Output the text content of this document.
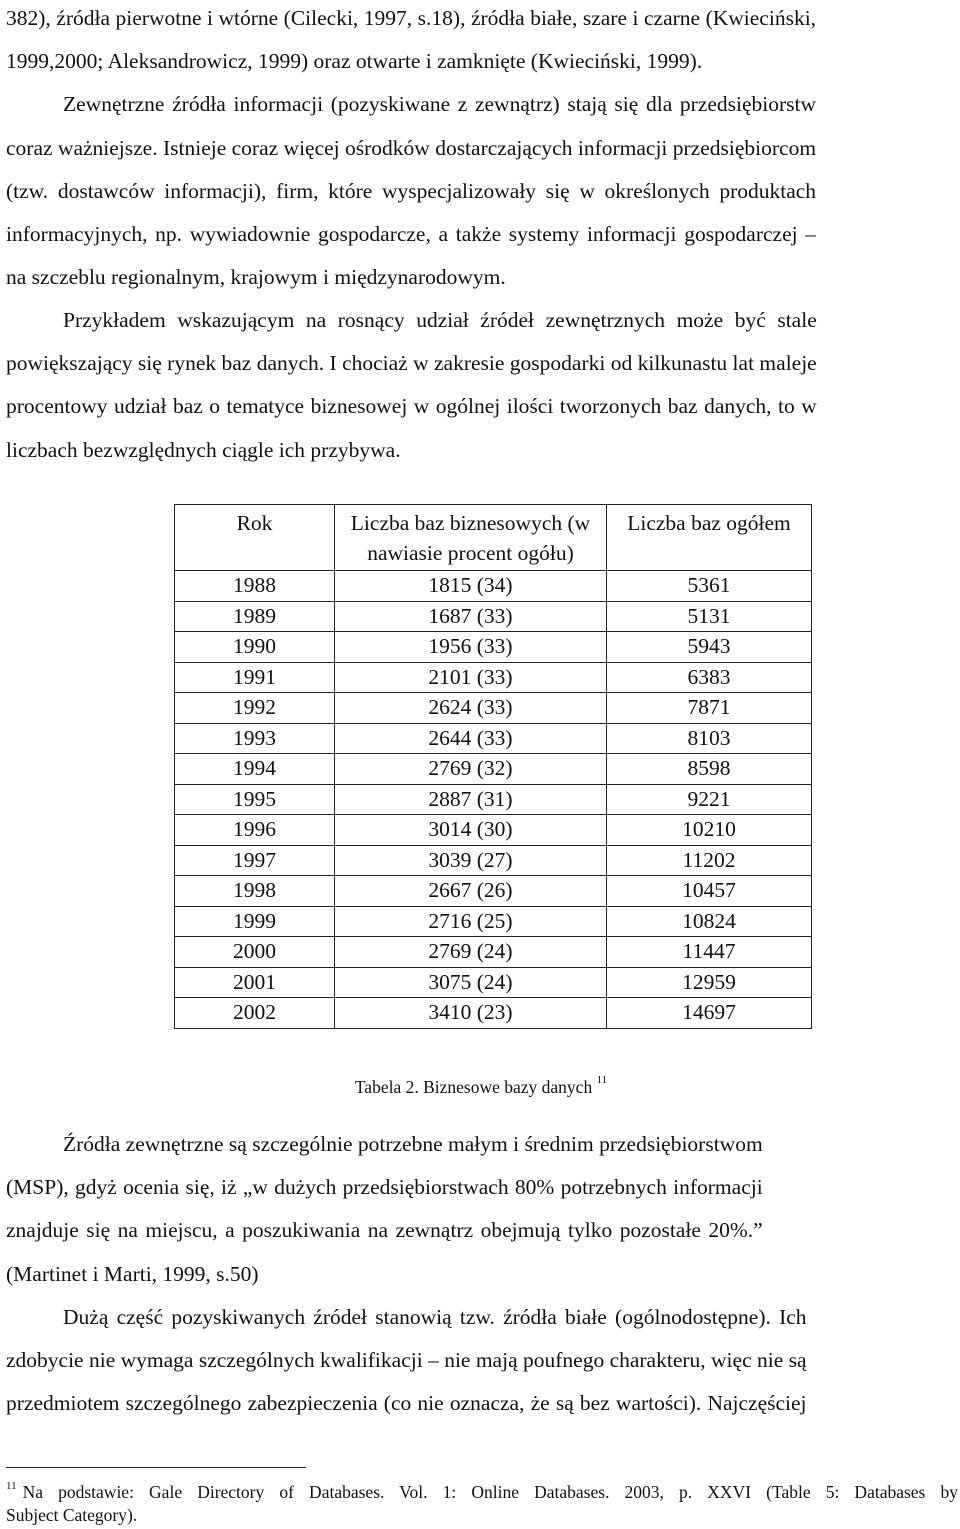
382), źródła pierwotne i wtórne (Cilecki, 1997, s.18), źródła białe, szare i czarne (Kwieciński,
1999,2000; Aleksandrowicz, 1999) oraz otwarte i zamknięte (Kwieciński, 1999).
Zewnętrzne źródła informacji (pozyskiwane z zewnątrz) stają się dla przedsiębiorstw
coraz ważniejsze. Istnieje coraz więcej ośrodków dostarczających informacji przedsiębiorcom
(tzw. dostawców informacji), firm, które wyspecjalizowały się w określonych produktach
informacyjnych, np. wywiadownie gospodarcze, a także systemy informacji gospodarczej –
na szczeblu regionalnym, krajowym i międzynarodowym.

Przykładem wskazującym na rosnący udział źródeł zewnętrznych może być stale
powiększający się rynek baz danych. I chociaż w zakresie gospodarki od kilkunastu lat maleje
procentowy udział baz o tematyce biznesowej w ogólnej ilości tworzonych baz danych, to w
liczbach bezwzględnych ciągle ich przybywa.

Rok	Liczba baz biznesowych (w nawiasie procent ogółu)	Liczba baz ogółem
1988	1815 (34)	5361
1989	1687 (33)	5131
1990	1956 (33)	5943
1991	2101 (33)	6383
1992	2624 (33)	7871
1993	2644 (33)	8103
1994	2769 (32)	8598
1995	2887 (31)	9221
1996	3014 (30)	10210
1997	3039 (27)	11202
1998	2667 (26)	10457
1999	2716 (25)	10824
2000	2769 (24)	11447
2001	3075 (24)	12959
2002	3410 (23)	14697
Tabela 2. Biznesowe bazy danych $^{11}$

Źródła zewnętrzne są szczególnie potrzebne małym i średnim przedsiębiorstwom
(MSP), gdyż ocenia się, iż „w dużych przedsiębiorstwach 80% potrzebnych informacji
znajduje się na miejscu, a poszukiwania na zewnątrz obejmują tylko pozostałe 20%.”
(Martinet i Marti, 1999, s.50)

Dużą część pozyskiwanych źródeł stanowią tzw. źródła białe (ogólnodostępne). Ich
zdobycie nie wymaga szczególnych kwalifikacji – nie mają poufnego charakteru, więc nie są
przedmiotem szczególnego zabezpieczenia (co nie oznacza, że są bez wartości). Najczęściej

$^{11}$ Na podstawie: Gale Directory of Databases. Vol. 1: Online Databases. 2003, p. XXVI (Table 5: Databases by
Subject Category).
